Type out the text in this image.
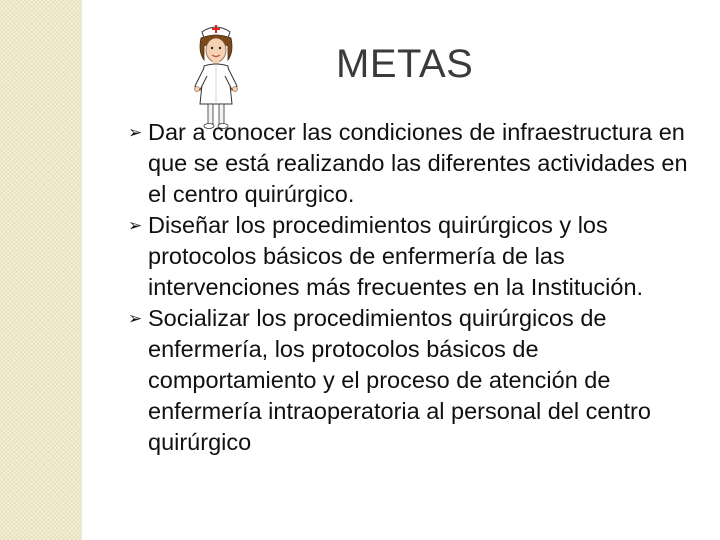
METAS
➢ Dar a conocer las condiciones de infraestructura en que se está realizando las diferentes actividades en el centro quirúrgico.
➢ Diseñar los procedimientos quirúrgicos y los protocolos básicos de enfermería de las intervenciones más frecuentes en la Institución.
➢ Socializar los procedimientos quirúrgicos de enfermería, los protocolos básicos de comportamiento y el proceso de atención de enfermería intraoperatoria al personal del centro quirúrgico
